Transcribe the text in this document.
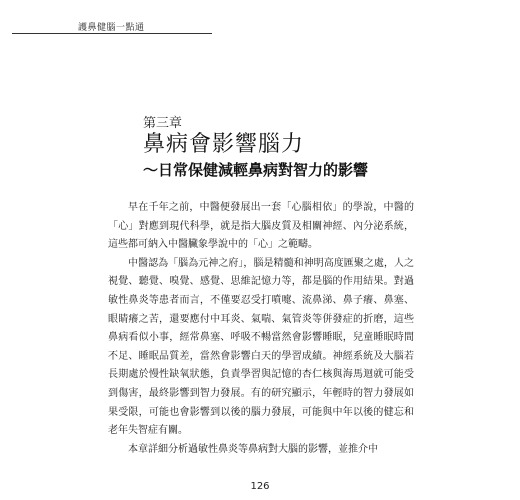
護鼻健腦一點通
第三章
鼻病會影響腦力
～日常保健減輕鼻病對智力的影響

早在千年之前，中醫便發展出一套「心腦相依」的學說，中醫的「心」對應到現代科學，就是指大腦皮質及相關神經、內分泌系統，這些都可納入中醫臟象學說中的「心」之範疇。

中醫認為「腦為元神之府」，腦是精髓和神明高度匯聚之處，人之視覺、聽覺、嗅覺、感覺、思維記憶力等，都是腦的作用結果。對過敏性鼻炎等患者而言，不僅要忍受打噴嚏、流鼻涕、鼻子癢、鼻塞、眼睛癢之苦，還要應付中耳炎、氣喘、氣管炎等併發症的折磨，這些鼻病看似小事，經常鼻塞、呼吸不暢當然會影響睡眠，兒童睡眠時間不足、睡眠品質差，當然會影響白天的學習成績。神經系統及大腦若長期處於慢性缺氧狀態，負責學習與記憶的杏仁核與海馬迴就可能受到傷害，最終影響到智力發展。有的研究顯示，年輕時的智力發展如果受限，可能也會影響到以後的腦力發展，可能與中年以後的健忘和老年失智症有關。

本章詳細分析過敏性鼻炎等鼻病對大腦的影響，並推介中

126
